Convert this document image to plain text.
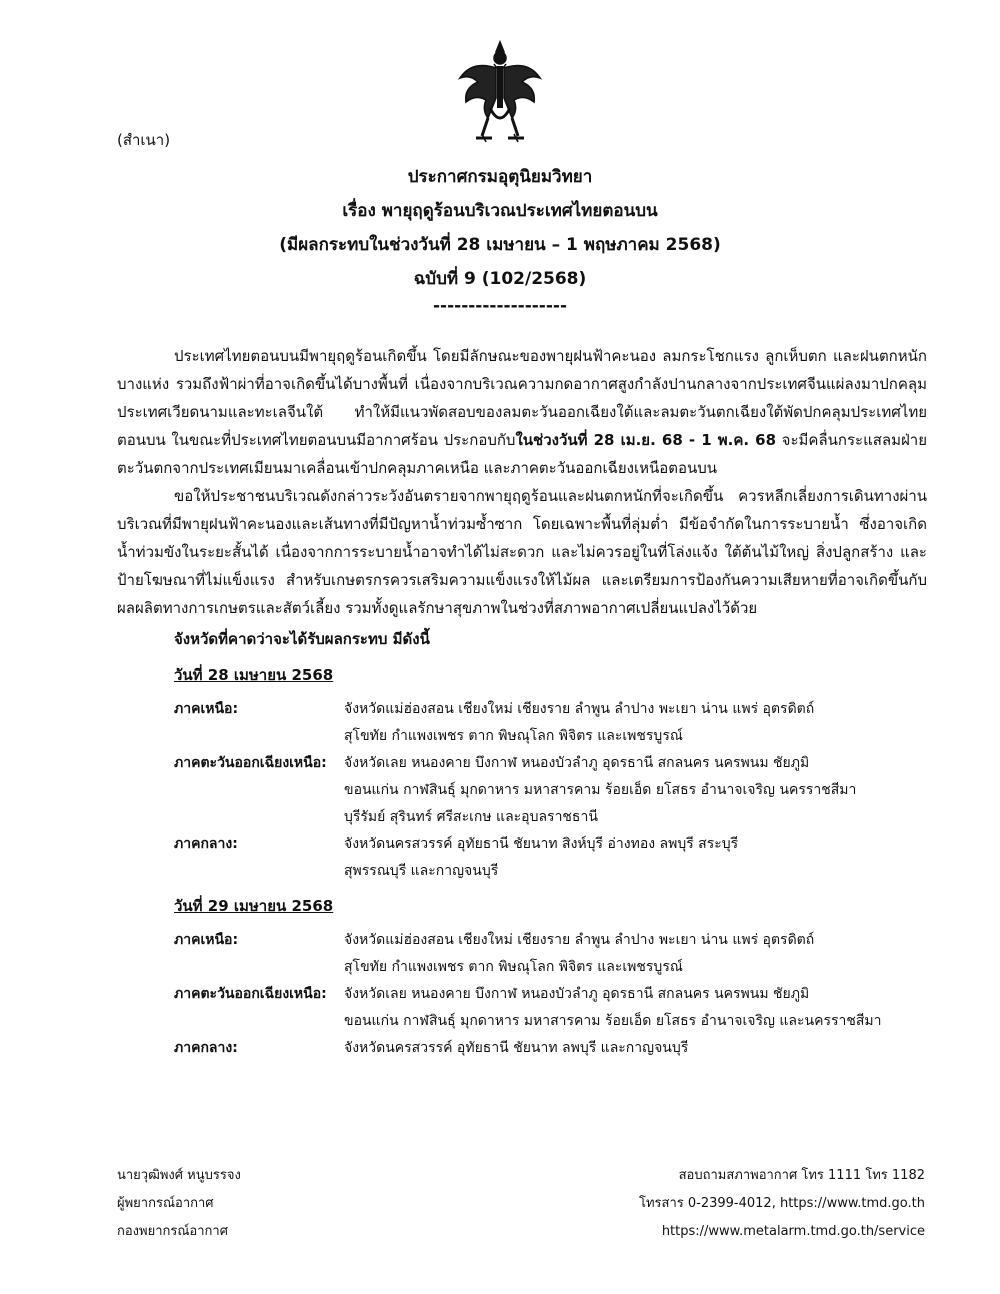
(สำเนา)
ประกาศกรมอุตุนิยมวิทยา
เรื่อง พายุฤดูร้อนบริเวณประเทศไทยตอนบน
(มีผลกระทบในช่วงวันที่ 28 เมษายน – 1 พฤษภาคม 2568)
ฉบับที่ 9 (102/2568)
-------------------

ประเทศไทยตอนบนมีพายุฤดูร้อนเกิดขึ้น โดยมีลักษณะของพายุฝนฟ้าคะนอง ลมกระโชกแรง ลูกเห็บตก และฝนตกหนักบางแห่ง รวมถึงฟ้าผ่าที่อาจเกิดขึ้นได้บางพื้นที่ เนื่องจากบริเวณความกดอากาศสูงกำลังปานกลางจากประเทศจีนแผ่ลงมาปกคลุมประเทศเวียดนามและทะเลจีนใต้ ทำให้มีแนวพัดสอบของลมตะวันออกเฉียงใต้และลมตะวันตกเฉียงใต้พัดปกคลุมประเทศไทยตอนบน ในขณะที่ประเทศไทยตอนบนมีอากาศร้อน ประกอบกับในช่วงวันที่ 28 เม.ย. 68 - 1 พ.ค. 68 จะมีคลื่นกระแสลมฝ่ายตะวันตกจากประเทศเมียนมาเคลื่อนเข้าปกคลุมภาคเหนือ และภาคตะวันออกเฉียงเหนือตอนบน

ขอให้ประชาชนบริเวณดังกล่าวระวังอันตรายจากพายุฤดูร้อนและฝนตกหนักที่จะเกิดขึ้น ควรหลีกเลี่ยงการเดินทางผ่านบริเวณที่มีพายุฝนฟ้าคะนองและเส้นทางที่มีปัญหาน้ำท่วมซ้ำซาก โดยเฉพาะพื้นที่ลุ่มต่ำ มีข้อจำกัดในการระบายน้ำ ซึ่งอาจเกิดน้ำท่วมขังในระยะสั้นได้ เนื่องจากการระบายน้ำอาจทำได้ไม่สะดวก และไม่ควรอยู่ในที่โล่งแจ้ง ใต้ต้นไม้ใหญ่ สิ่งปลูกสร้าง และป้ายโฆษณาที่ไม่แข็งแรง สำหรับเกษตรกรควรเสริมความแข็งแรงให้ไม้ผล และเตรียมการป้องกันความเสียหายที่อาจเกิดขึ้นกับผลผลิตทางการเกษตรและสัตว์เลี้ยง รวมทั้งดูแลรักษาสุขภาพในช่วงที่สภาพอากาศเปลี่ยนแปลงไว้ด้วย

จังหวัดที่คาดว่าจะได้รับผลกระทบ มีดังนี้
วันที่ 28 เมษายน 2568
ภาคเหนือ:	จังหวัดแม่ฮ่องสอน เชียงใหม่ เชียงราย ลำพูน ลำปาง พะเยา น่าน แพร่ อุตรดิตถ์
สุโขทัย กำแพงเพชร ตาก พิษณุโลก พิจิตร และเพชรบูรณ์
ภาคตะวันออกเฉียงเหนือ:	จังหวัดเลย หนองคาย บึงกาฬ หนองบัวลำภู อุดรธานี สกลนคร นครพนม ชัยภูมิ
ขอนแก่น กาฬสินธุ์ มุกดาหาร มหาสารคาม ร้อยเอ็ด ยโสธร อำนาจเจริญ นครราชสีมา
บุรีรัมย์ สุรินทร์ ศรีสะเกษ และอุบลราชธานี
ภาคกลาง:	จังหวัดนครสวรรค์ อุทัยธานี ชัยนาท สิงห์บุรี อ่างทอง ลพบุรี สระบุรี
สุพรรณบุรี และกาญจนบุรี
วันที่ 29 เมษายน 2568
ภาคเหนือ:	จังหวัดแม่ฮ่องสอน เชียงใหม่ เชียงราย ลำพูน ลำปาง พะเยา น่าน แพร่ อุตรดิตถ์
สุโขทัย กำแพงเพชร ตาก พิษณุโลก พิจิตร และเพชรบูรณ์
ภาคตะวันออกเฉียงเหนือ:	จังหวัดเลย หนองคาย บึงกาฬ หนองบัวลำภู อุดรธานี สกลนคร นครพนม ชัยภูมิ
ขอนแก่น กาฬสินธุ์ มุกดาหาร มหาสารคาม ร้อยเอ็ด ยโสธร อำนาจเจริญ และนครราชสีมา
ภาคกลาง:	จังหวัดนครสวรรค์ อุทัยธานี ชัยนาท ลพบุรี และกาญจนบุรี
นายวุฒิพงศ์ หนูบรรจง
ผู้พยากรณ์อากาศ
กองพยากรณ์อากาศ
สอบถามสภาพอากาศ โทร 1111 โทร 1182
โทรสาร 0-2399-4012, https://www.tmd.go.th
https://www.metalarm.tmd.go.th/service
